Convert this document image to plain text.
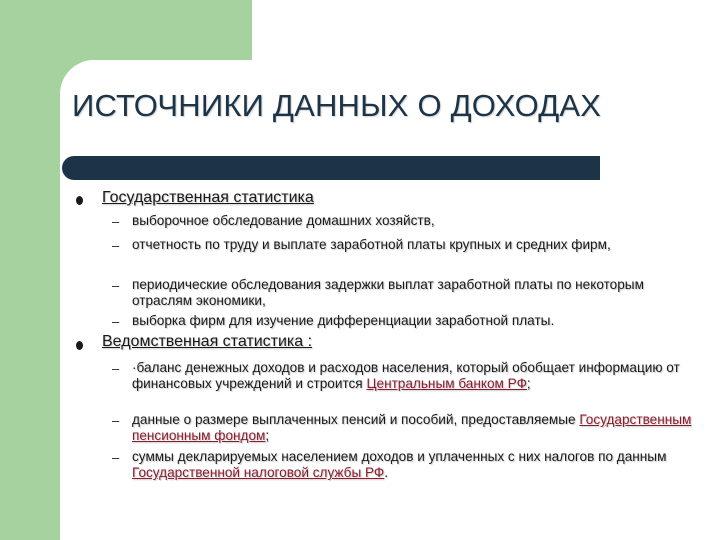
ИСТОЧНИКИ ДАННЫХ О ДОХОДАХ
Государственная статистика
– выборочное обследование домашних хозяйств,
– отчетность по труду и выплате заработной платы крупных и средних фирм,
– периодические обследования задержки выплат заработной платы по некоторым отраслям экономики,
– выборка фирм для изучение дифференциации заработной платы.
Ведомственная статистика :
– ·баланс денежных доходов и расходов населения, который обобщает информацию от финансовых учреждений и строится Центральным банком РФ;
– данные о размере выплаченных пенсий и пособий, предоставляемые Государственным пенсионным фондом;
– суммы декларируемых населением доходов и уплаченных с них налогов по данным Государственной налоговой службы РФ.
